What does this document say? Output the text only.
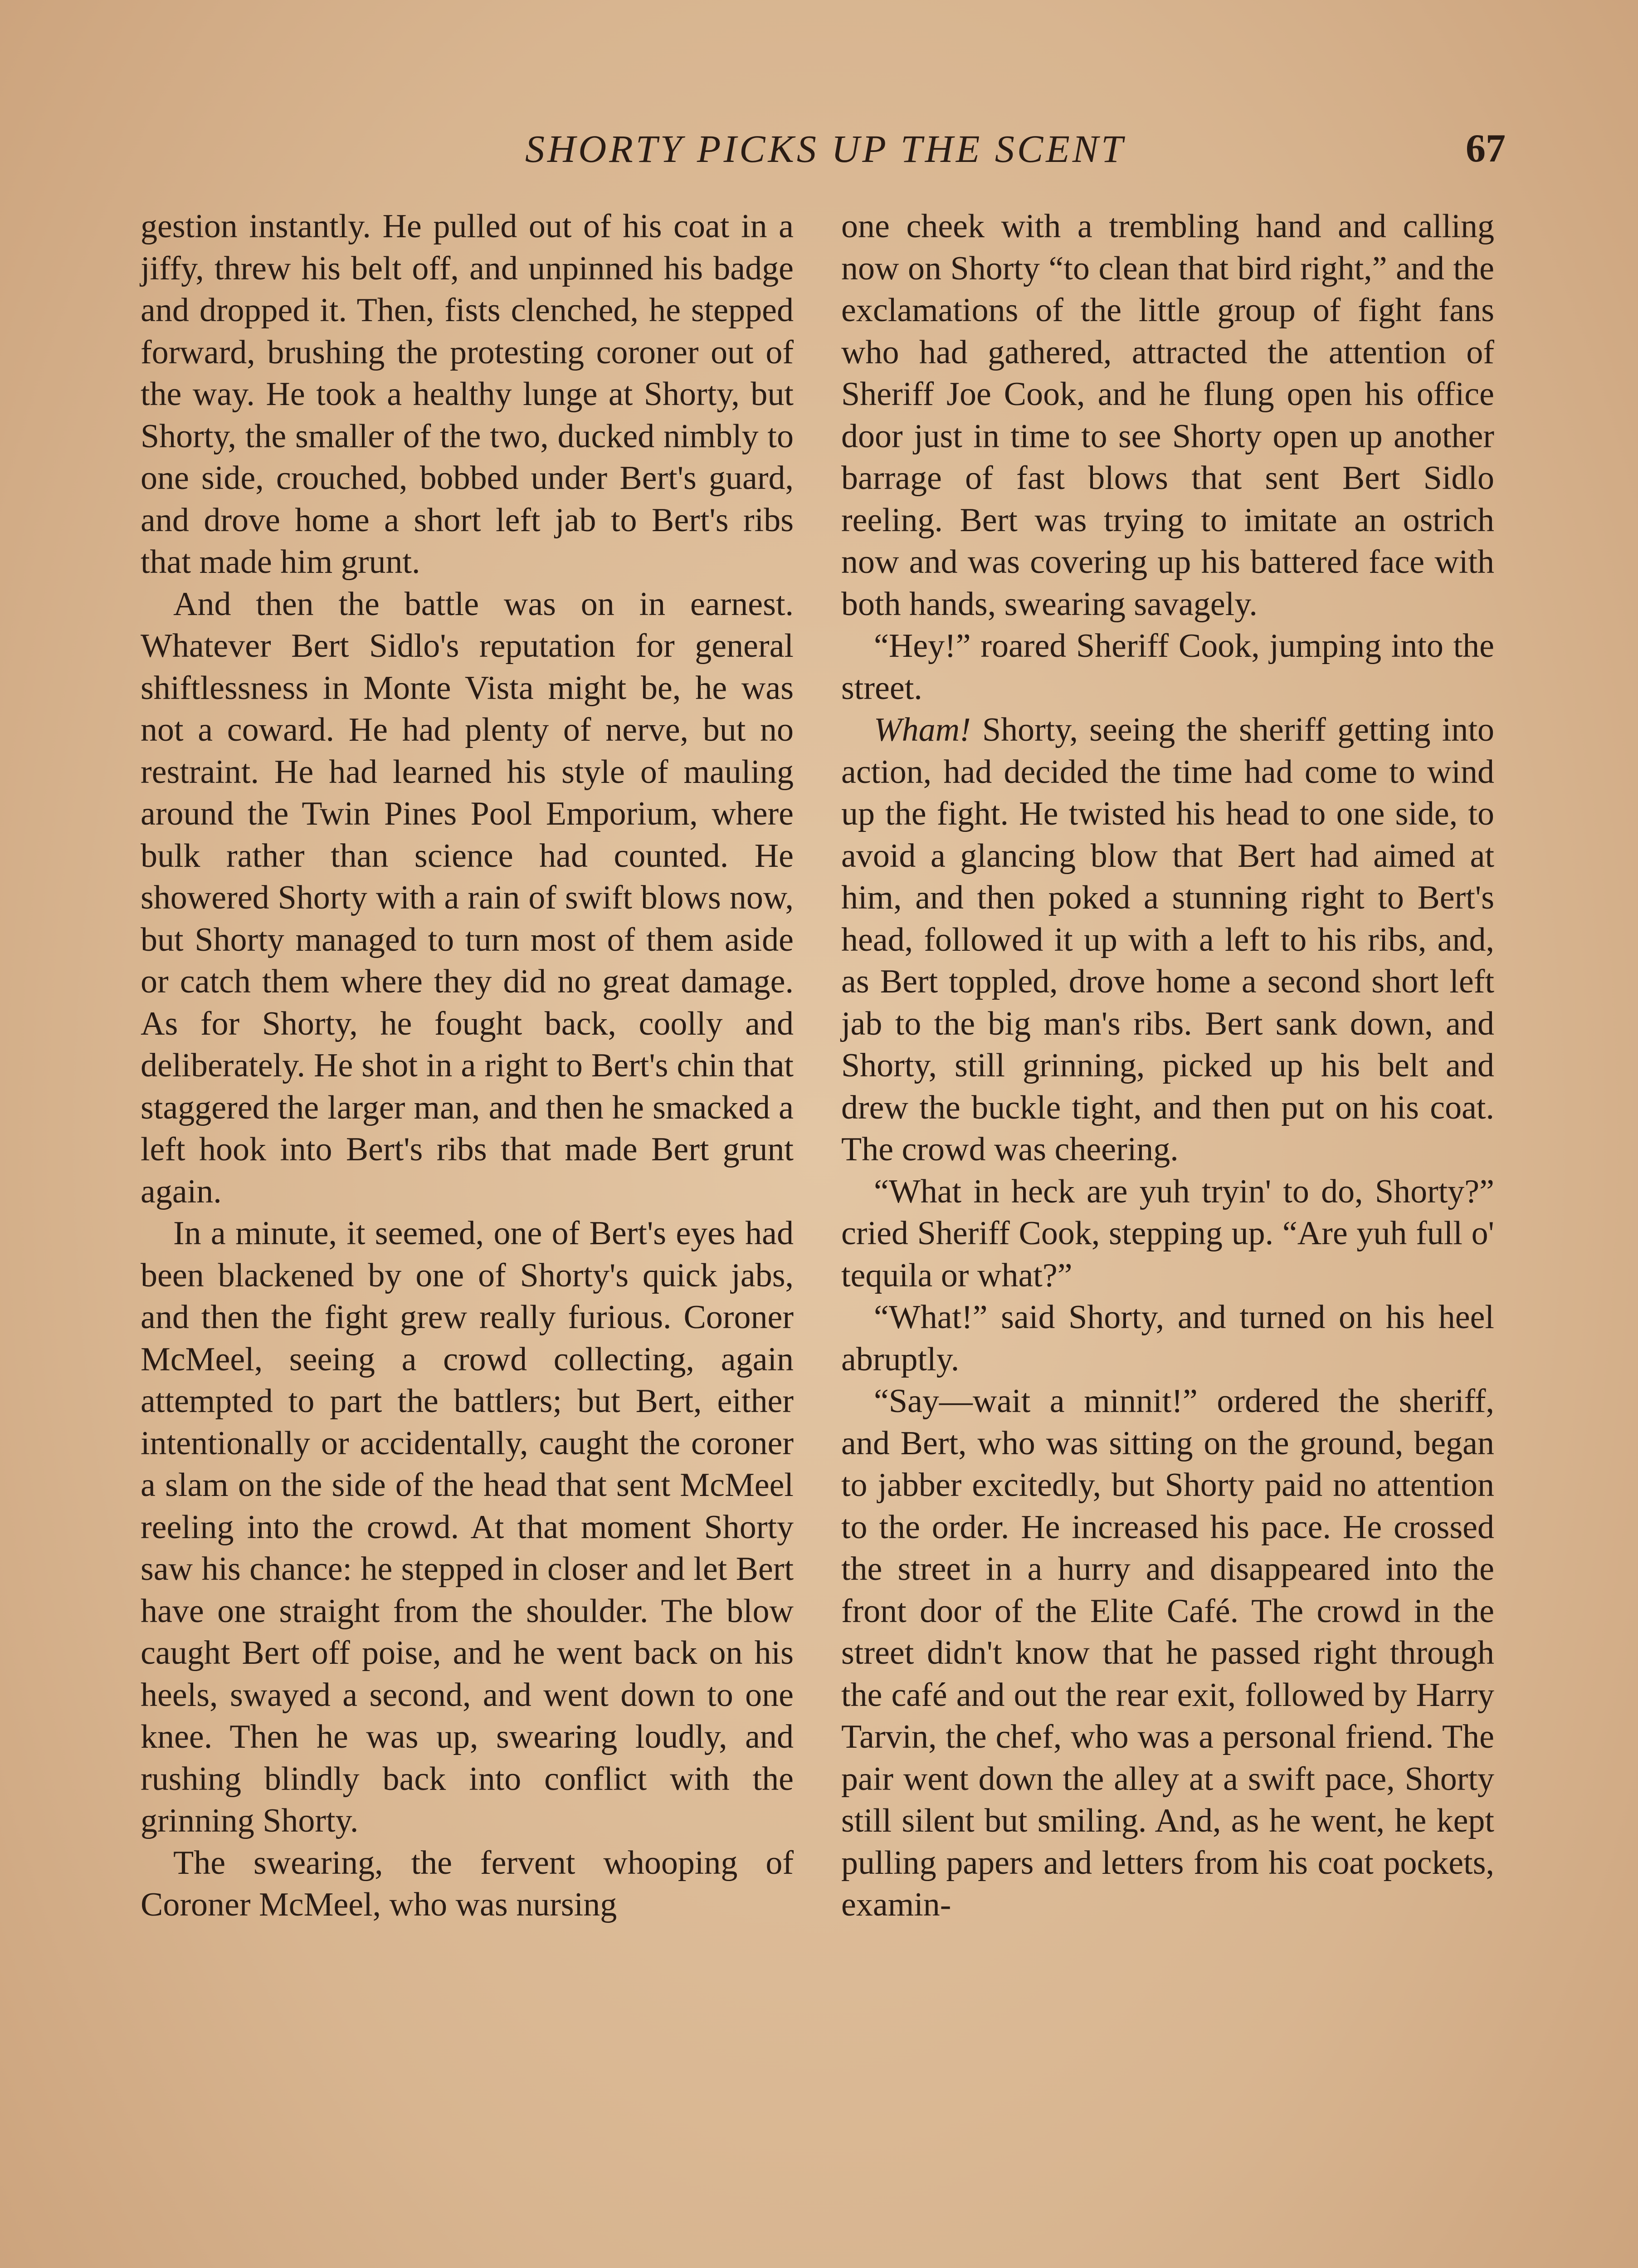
SHORTY PICKS UP THE SCENT	67

gestion instantly. He pulled out of his coat in a jiffy, threw his belt off, and unpinned his badge and dropped it. Then, fists clenched, he stepped forward, brushing the protesting coroner out of the way. He took a healthy lunge at Shorty, but Shorty, the smaller of the two, ducked nimbly to one side, crouched, bobbed under Bert's guard, and drove home a short left jab to Bert's ribs that made him grunt.

And then the battle was on in earnest. Whatever Bert Sidlo's reputation for general shiftlessness in Monte Vista might be, he was not a coward. He had plenty of nerve, but no restraint. He had learned his style of mauling around the Twin Pines Pool Emporium, where bulk rather than science had counted. He showered Shorty with a rain of swift blows now, but Shorty managed to turn most of them aside or catch them where they did no great damage. As for Shorty, he fought back, coolly and deliberately. He shot in a right to Bert's chin that staggered the larger man, and then he smacked a left hook into Bert's ribs that made Bert grunt again.

In a minute, it seemed, one of Bert's eyes had been blackened by one of Shorty's quick jabs, and then the fight grew really furious. Coroner McMeel, seeing a crowd collecting, again attempted to part the battlers; but Bert, either intentionally or accidentally, caught the coroner a slam on the side of the head that sent McMeel reeling into the crowd. At that moment Shorty saw his chance: he stepped in closer and let Bert have one straight from the shoulder. The blow caught Bert off poise, and he went back on his heels, swayed a second, and went down to one knee. Then he was up, swearing loudly, and rushing blindly back into conflict with the grinning Shorty.

The swearing, the fervent whooping of Coroner McMeel, who was nursing

one cheek with a trembling hand and calling now on Shorty “to clean that bird right,” and the exclamations of the little group of fight fans who had gathered, attracted the attention of Sheriff Joe Cook, and he flung open his office door just in time to see Shorty open up another barrage of fast blows that sent Bert Sidlo reeling. Bert was trying to imitate an ostrich now and was covering up his battered face with both hands, swearing savagely.

“Hey!” roared Sheriff Cook, jumping into the street.

Wham! Shorty, seeing the sheriff getting into action, had decided the time had come to wind up the fight. He twisted his head to one side, to avoid a glancing blow that Bert had aimed at him, and then poked a stunning right to Bert's head, followed it up with a left to his ribs, and, as Bert toppled, drove home a second short left jab to the big man's ribs. Bert sank down, and Shorty, still grinning, picked up his belt and drew the buckle tight, and then put on his coat. The crowd was cheering.

“What in heck are yuh tryin' to do, Shorty?” cried Sheriff Cook, stepping up. “Are yuh full o' tequila or what?”

“What!” said Shorty, and turned on his heel abruptly.

“Say—wait a minnit!” ordered the sheriff, and Bert, who was sitting on the ground, began to jabber excitedly, but Shorty paid no attention to the order. He increased his pace. He crossed the street in a hurry and disappeared into the front door of the Elite Café. The crowd in the street didn't know that he passed right through the café and out the rear exit, followed by Harry Tarvin, the chef, who was a personal friend. The pair went down the alley at a swift pace, Shorty still silent but smiling. And, as he went, he kept pulling papers and letters from his coat pockets, examin-
